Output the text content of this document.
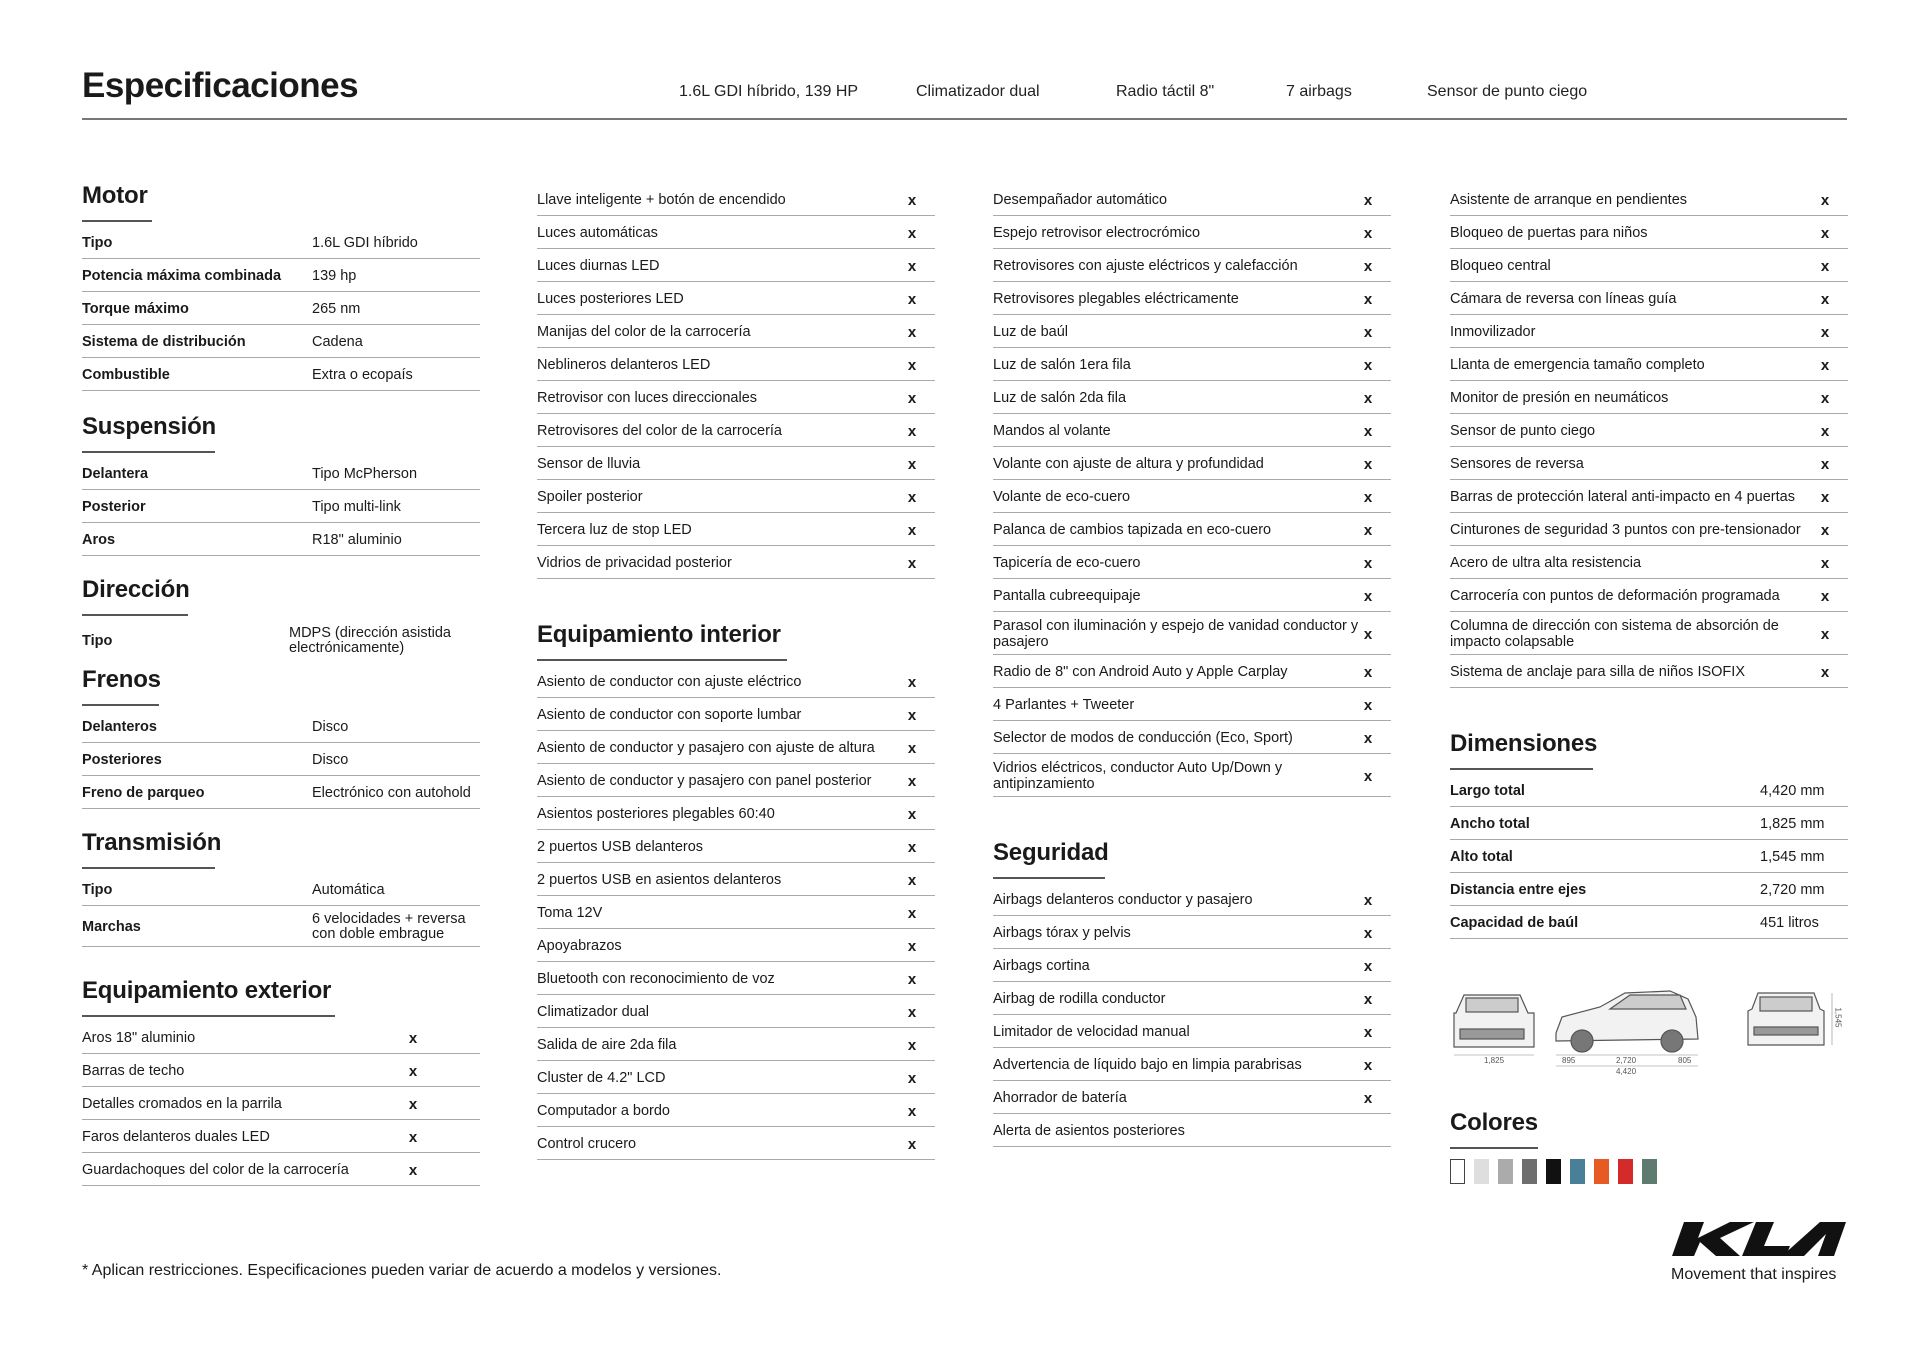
Especificaciones	1.6L GDI híbrido, 139 HP	Climatizador dual	Radio táctil 8"	7 airbags	Sensor de punto ciego
Motor
Tipo	1.6L GDI híbrido
Potencia máxima combinada	139 hp
Torque máximo	265 nm
Sistema de distribución	Cadena
Combustible	Extra o ecopaís
Suspensión
Delantera	Tipo McPherson
Posterior	Tipo multi-link
Aros	R18" aluminio
Dirección
Tipo	MDPS (dirección asistida electrónicamente)
Frenos
Delanteros	Disco
Posteriores	Disco
Freno de parqueo	Electrónico con autohold
Transmisión
Tipo	Automática
Marchas	6 velocidades + reversa con doble embrague
Equipamiento exterior
Aros 18" aluminio	x
Barras de techo	x
Detalles cromados en la parrila	x
Faros delanteros duales LED	x
Guardachoques del color de la carrocería	x
Llave inteligente + botón de encendido	x
Luces automáticas	x
Luces diurnas LED	x
Luces posteriores LED	x
Manijas del color de la carrocería	x
Neblineros delanteros LED	x
Retrovisor con luces direccionales	x
Retrovisores del color de la carrocería	x
Sensor de lluvia	x
Spoiler posterior	x
Tercera luz de stop LED	x
Vidrios de privacidad posterior	x
Equipamiento interior
Asiento de conductor con ajuste eléctrico	x
Asiento de conductor con soporte lumbar	x
Asiento de conductor y pasajero con ajuste de altura	x
Asiento de conductor y pasajero con panel posterior	x
Asientos posteriores plegables 60:40	x
2 puertos USB delanteros	x
2 puertos USB en asientos delanteros	x
Toma 12V	x
Apoyabrazos	x
Bluetooth con reconocimiento de voz	x
Climatizador dual	x
Salida de aire 2da fila	x
Cluster de 4.2" LCD	x
Computador a bordo	x
Control crucero	x
Desempañador automático	x
Espejo retrovisor electrocrómico	x
Retrovisores con ajuste eléctricos y calefacción	x
Retrovisores plegables eléctricamente	x
Luz de baúl	x
Luz de salón 1era fila	x
Luz de salón 2da fila	x
Mandos al volante	x
Volante con ajuste de altura y profundidad	x
Volante de eco-cuero	x
Palanca de cambios tapizada en eco-cuero	x
Tapicería de eco-cuero	x
Pantalla cubreequipaje	x
Parasol con iluminación y espejo de vanidad conductor y pasajero	x
Radio de 8" con Android Auto y Apple Carplay	x
4 Parlantes + Tweeter	x
Selector de modos de conducción (Eco, Sport)	x
Vidrios eléctricos, conductor Auto Up/Down y antipinzamiento	x
Seguridad
Airbags delanteros conductor y pasajero	x
Airbags tórax y pelvis	x
Airbags cortina	x
Airbag de rodilla conductor	x
Limitador de velocidad manual	x
Advertencia de líquido bajo en limpia parabrisas	x
Ahorrador de batería	x
Alerta de asientos posteriores
Asistente de arranque en pendientes	x
Bloqueo de puertas para niños	x
Bloqueo central	x
Cámara de reversa con líneas guía	x
Inmovilizador	x
Llanta de emergencia tamaño completo	x
Monitor de presión en neumáticos	x
Sensor de punto ciego	x
Sensores de reversa	x
Barras de protección lateral anti-impacto en 4 puertas	x
Cinturones de seguridad 3 puntos con pre-tensionador	x
Acero de ultra alta resistencia	x
Carrocería con puntos de deformación programada	x
Columna de dirección con sistema de absorción de impacto colapsable	x
Sistema de anclaje para silla de niños ISOFIX	x
Dimensiones
Largo total	4,420 mm
Ancho total	1,825 mm
Alto total	1,545 mm
Distancia entre ejes	2,720 mm
Capacidad de baúl	451 litros
1,825	895	2,720	805
4,420
1,545
Colores
* Aplican restricciones. Especificaciones pueden variar de acuerdo a modelos y versiones.	Movement that inspires
